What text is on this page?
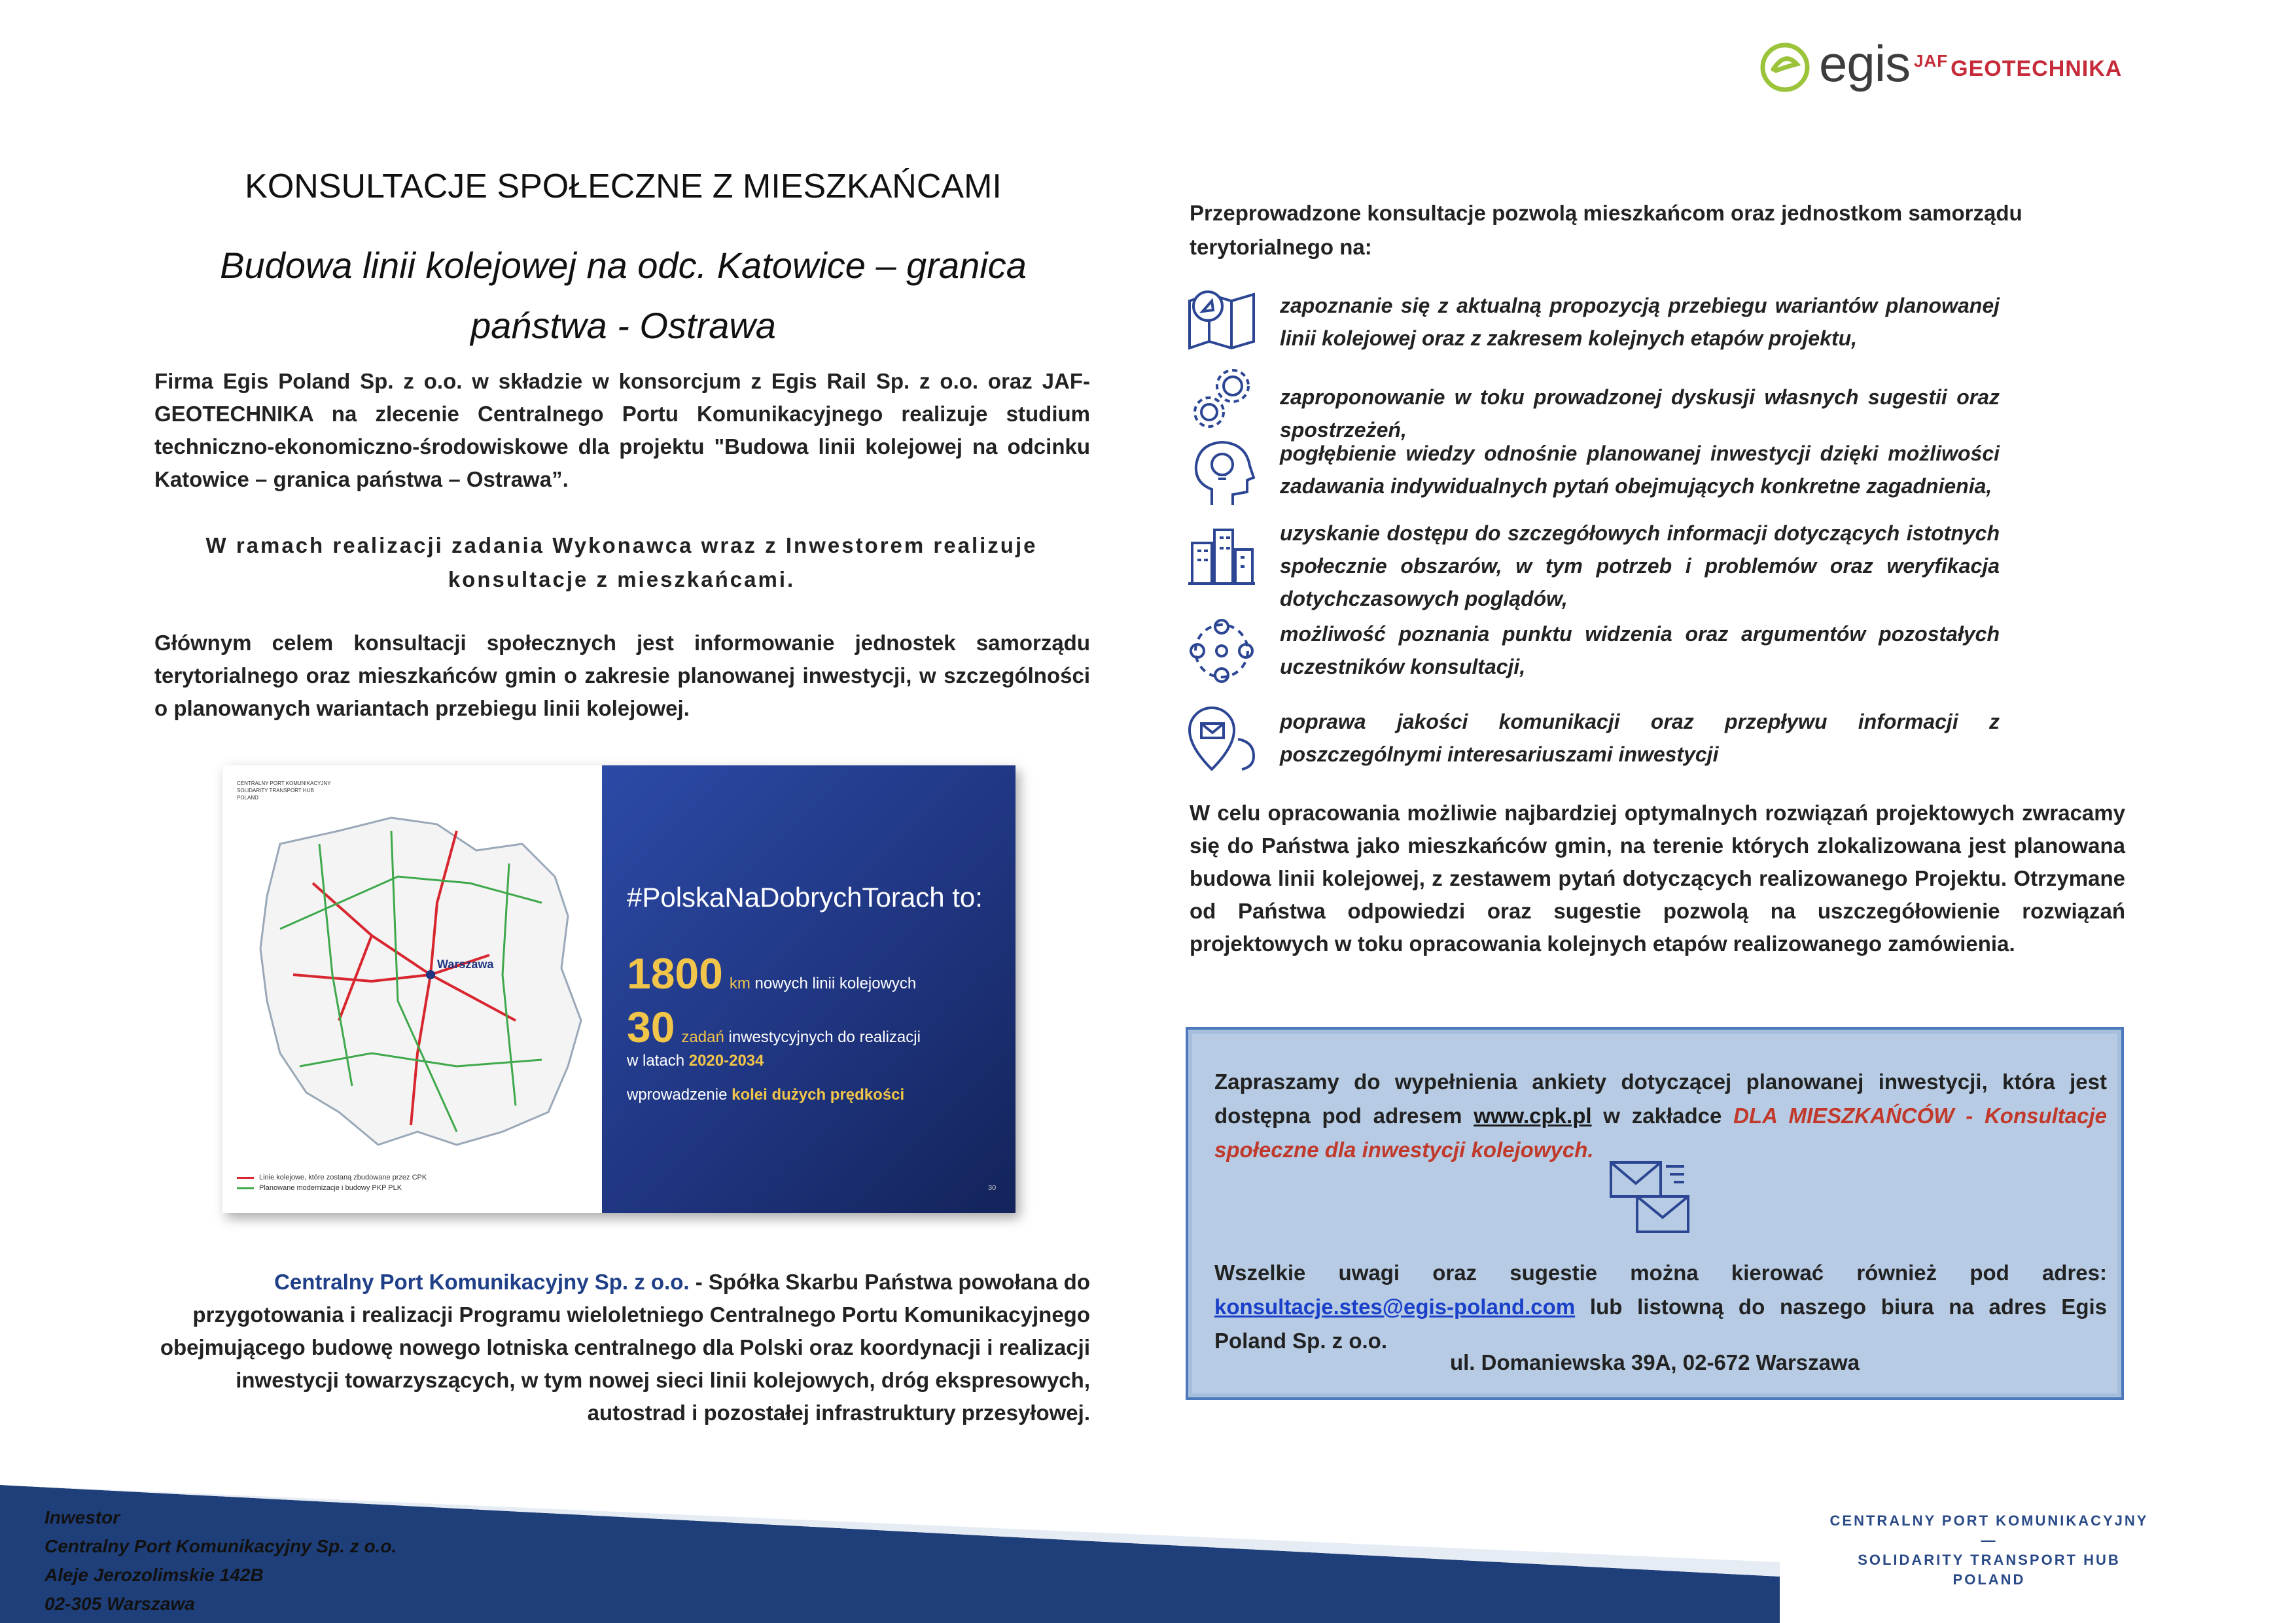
egis $^{JAF}$ GEOTECHNIKA
KONSULTACJE SPOŁECZNE Z MIESZKAŃCAMI
Budowa linii kolejowej na odc. Katowice – granica
państwa - Ostrawa
Firma Egis Poland Sp. z o.o. w składzie w konsorcjum z Egis Rail Sp. z o.o. oraz JAF-GEOTECHNIKA na zlecenie Centralnego Portu Komunikacyjnego realizuje studium techniczno-ekonomiczno-środowiskowe dla projektu "Budowa linii kolejowej na odcinku Katowice – granica państwa – Ostrawa”.
W ramach realizacji zadania Wykonawca wraz z Inwestorem realizuje konsultacje z mieszkańcami.
Głównym celem konsultacji społecznych jest informowanie jednostek samorządu terytorialnego oraz mieszkańców gmin o zakresie planowanej inwestycji, w szczególności o planowanych wariantach przebiegu linii kolejowej.
CENTRALNY PORT KOMUNIKACYJNY
SOLIDARITY TRANSPORT HUB
POLAND
Warszawa
Linie kolejowe, które zostaną zbudowane przez CPK
Planowane modernizacje i budowy PKP PLK
#PolskaNaDobrychTorach to:
1800 km nowych linii kolejowych
30 zadań inwestycyjnych do realizacji
w latach 2020-2034
wprowadzenie kolei dużych prędkości
30
Centralny Port Komunikacyjny Sp. z o.o. - Spółka Skarbu Państwa powołana do przygotowania i realizacji Programu wieloletniego Centralnego Portu Komunikacyjnego obejmującego budowę nowego lotniska centralnego dla Polski oraz koordynacji i realizacji inwestycji towarzyszących, w tym nowej sieci linii kolejowych, dróg ekspresowych, autostrad i pozostałej infrastruktury przesyłowej.
Przeprowadzone konsultacje pozwolą mieszkańcom oraz jednostkom samorządu terytorialnego na:
zapoznanie się z aktualną propozycją przebiegu wariantów planowanej linii kolejowej oraz z zakresem kolejnych etapów projektu,
zaproponowanie w toku prowadzonej dyskusji własnych sugestii oraz spostrzeżeń,
pogłębienie wiedzy odnośnie planowanej inwestycji dzięki możliwości zadawania indywidualnych pytań obejmujących konkretne zagadnienia,
uzyskanie dostępu do szczegółowych informacji dotyczących istotnych społecznie obszarów, w tym potrzeb i problemów oraz weryfikacja dotychczasowych poglądów,
możliwość poznania punktu widzenia oraz argumentów pozostałych uczestników konsultacji,
poprawa jakości komunikacji oraz przepływu informacji z poszczególnymi interesariuszami inwestycji
W celu opracowania możliwie najbardziej optymalnych rozwiązań projektowych zwracamy się do Państwa jako mieszkańców gmin, na terenie których zlokalizowana jest planowana budowa linii kolejowej, z zestawem pytań dotyczących realizowanego Projektu. Otrzymane od Państwa odpowiedzi oraz sugestie pozwolą na uszczegółowienie rozwiązań projektowych w toku opracowania kolejnych etapów realizowanego zamówienia.
Zapraszamy do wypełnienia ankiety dotyczącej planowanej inwestycji, która jest dostępna pod adresem www.cpk.pl w zakładce DLA MIESZKAŃCÓW - Konsultacje społeczne dla inwestycji kolejowych.
Wszelkie uwagi oraz sugestie można kierować również pod adres: konsultacje.stes@egis-poland.com lub listowną do naszego biura na adres Egis Poland Sp. z o.o.
ul. Domaniewska 39A, 02-672 Warszawa
Inwestor
Centralny Port Komunikacyjny Sp. z o.o.
Aleje Jerozolimskie 142B
02-305 Warszawa
CENTRALNY PORT KOMUNIKACYJNY
—
SOLIDARITY TRANSPORT HUB
POLAND
